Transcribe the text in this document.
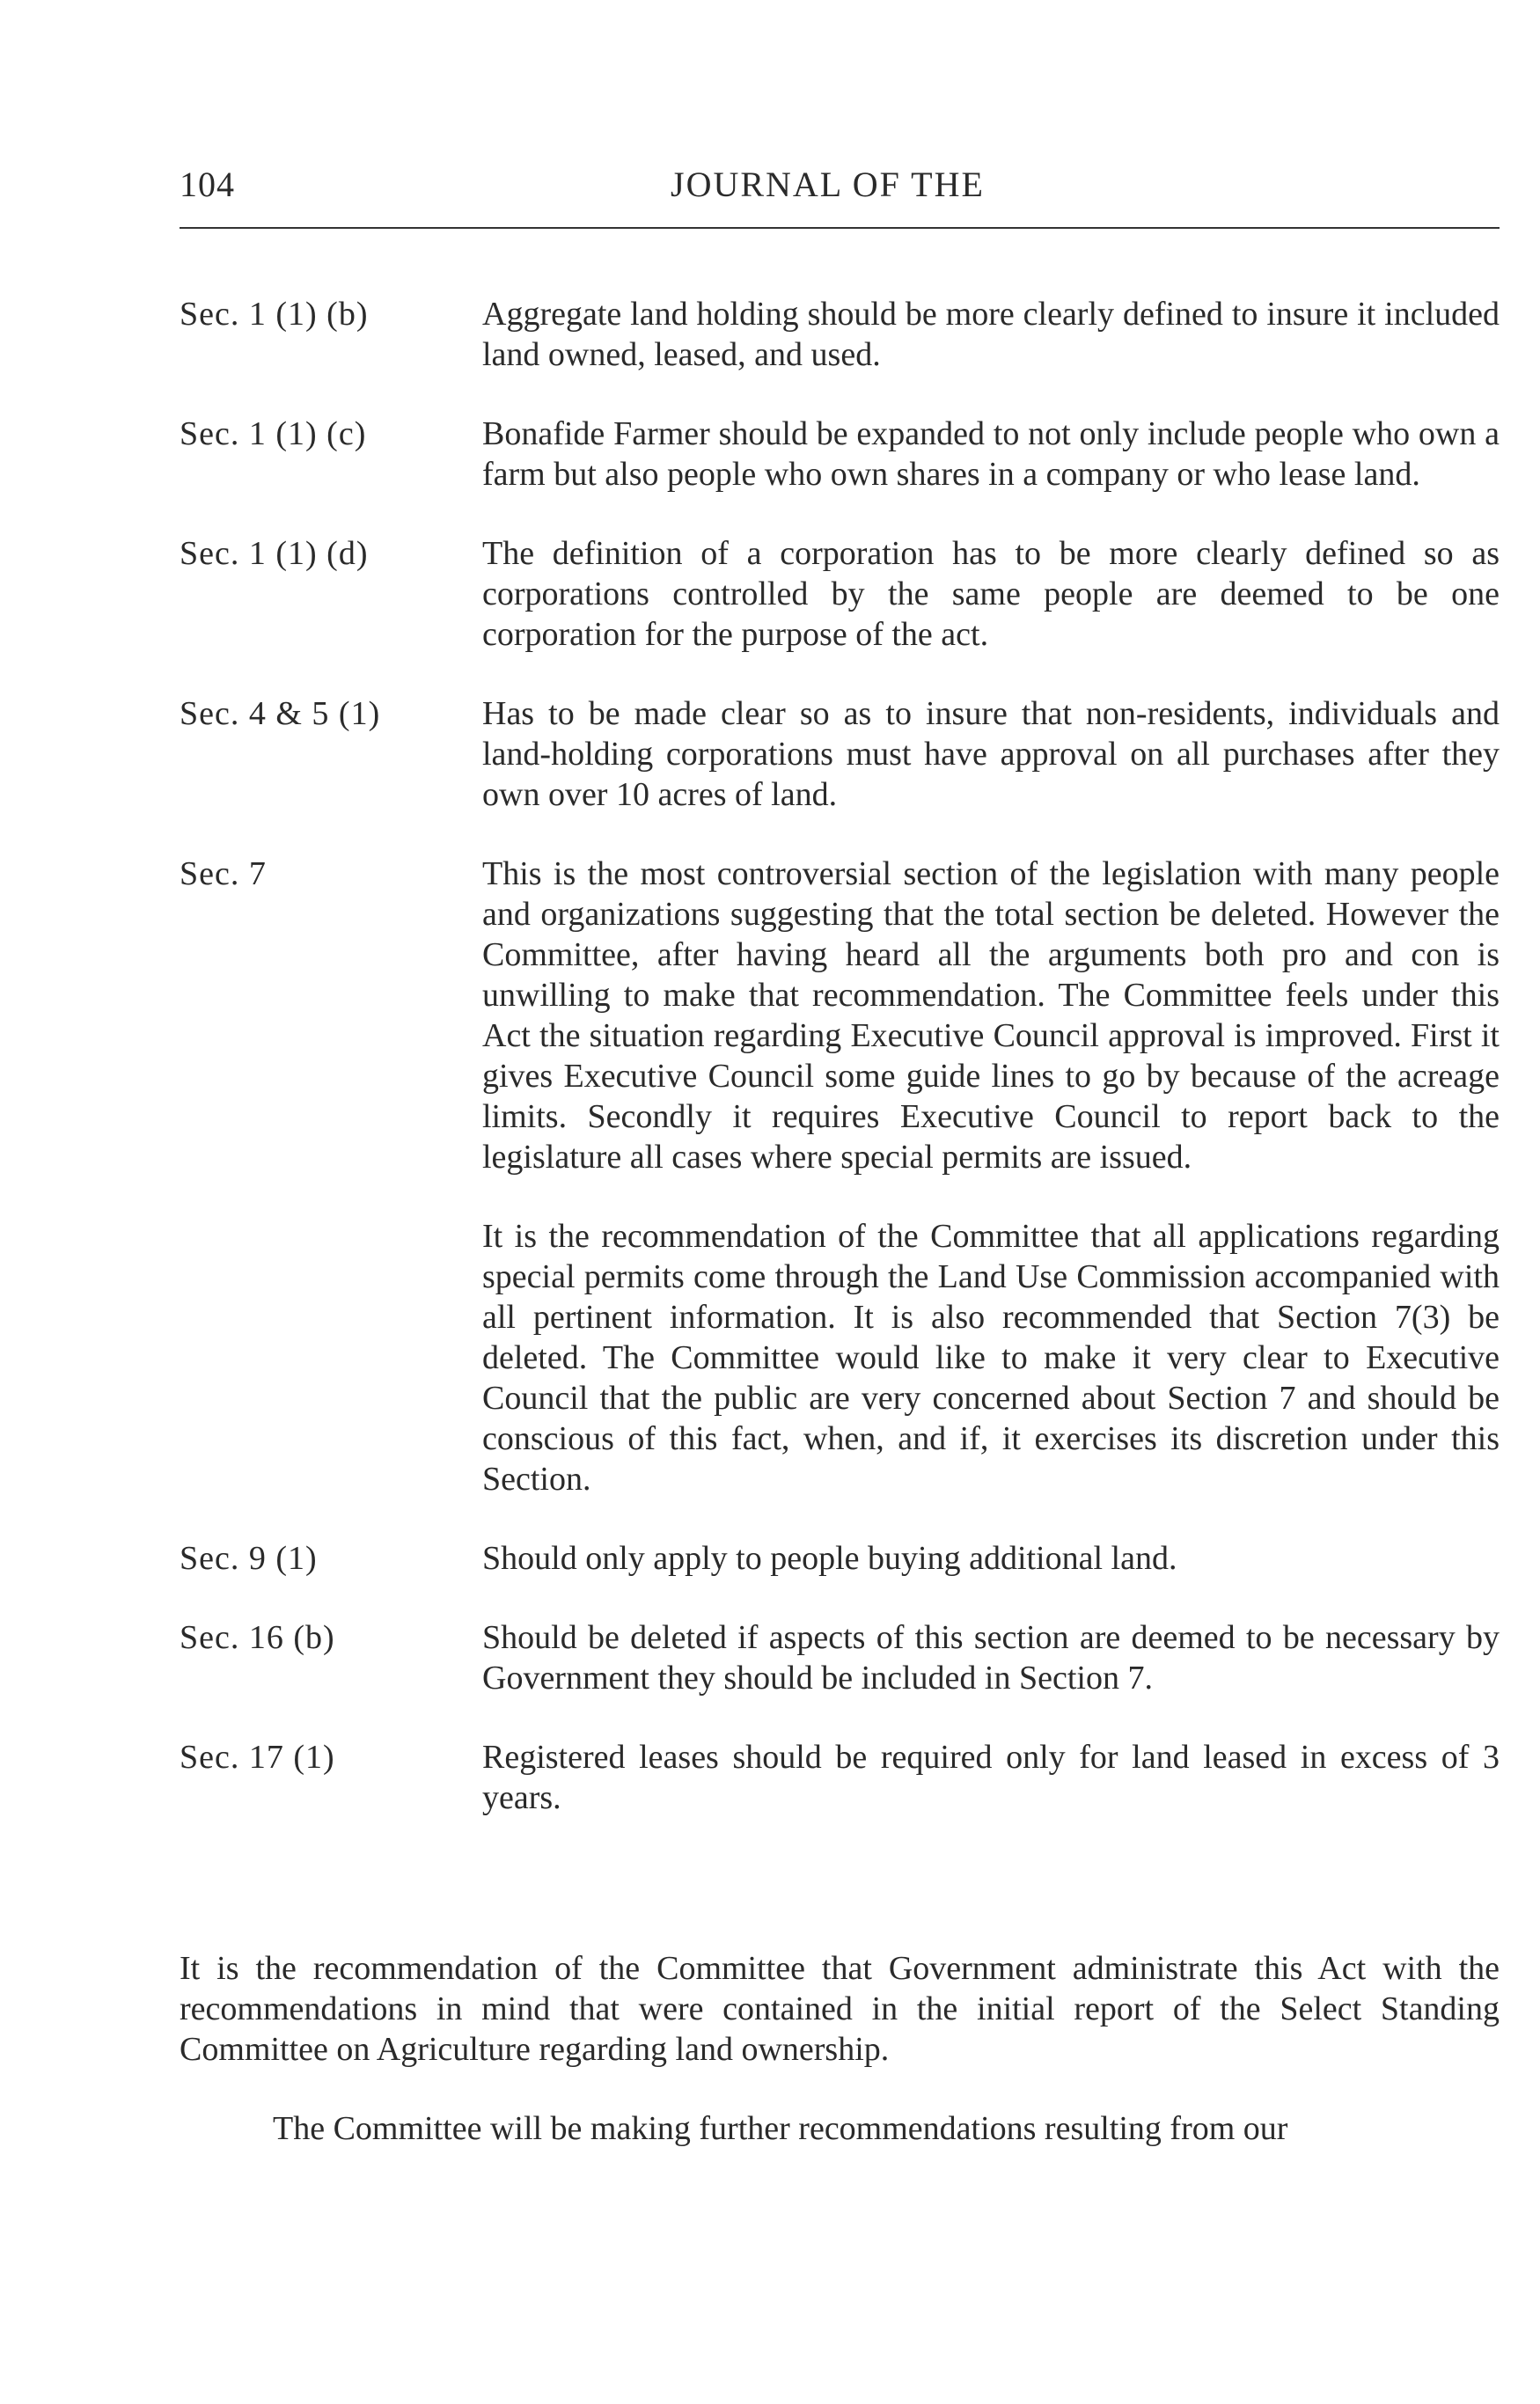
104	JOURNAL OF THE
Sec. 1 (1) (b)	Aggregate land holding should be more clearly defined to insure it included land owned, leased, and used.

Sec. 1 (1) (c)	Bonafide Farmer should be expanded to not only include people who own a farm but also people who own shares in a company or who lease land.

Sec. 1 (1) (d)	The definition of a corporation has to be more clearly defined so as corporations controlled by the same people are deemed to be one corporation for the purpose of the act.

Sec. 4 & 5 (1)	Has to be made clear so as to insure that non-residents, individuals and land-holding corporations must have approval on all purchases after they own over 10 acres of land.

Sec. 7	This is the most controversial section of the legislation with many people and organizations suggesting that the total section be deleted. However the Committee, after having heard all the arguments both pro and con is unwilling to make that recommendation. The Committee feels under this Act the situation regarding Executive Council approval is improved. First it gives Executive Council some guide lines to go by because of the acreage limits. Secondly it requires Executive Council to report back to the legislature all cases where special permits are issued.

It is the recommendation of the Committee that all applications regarding special permits come through the Land Use Commission accompanied with all pertinent information. It is also recommended that Section 7(3) be deleted. The Committee would like to make it very clear to Executive Council that the public are very concerned about Section 7 and should be conscious of this fact, when, and if, it exercises its discretion under this Section.

Sec. 9 (1)	Should only apply to people buying additional land.

Sec. 16 (b)	Should be deleted if aspects of this section are deemed to be necessary by Government they should be included in Section 7.

Sec. 17 (1)	Registered leases should be required only for land leased in excess of 3 years.

It is the recommendation of the Committee that Government administrate this Act with the recommendations in mind that were contained in the initial report of the Select Standing Committee on Agriculture regarding land ownership.

The Committee will be making further recommendations resulting from our
